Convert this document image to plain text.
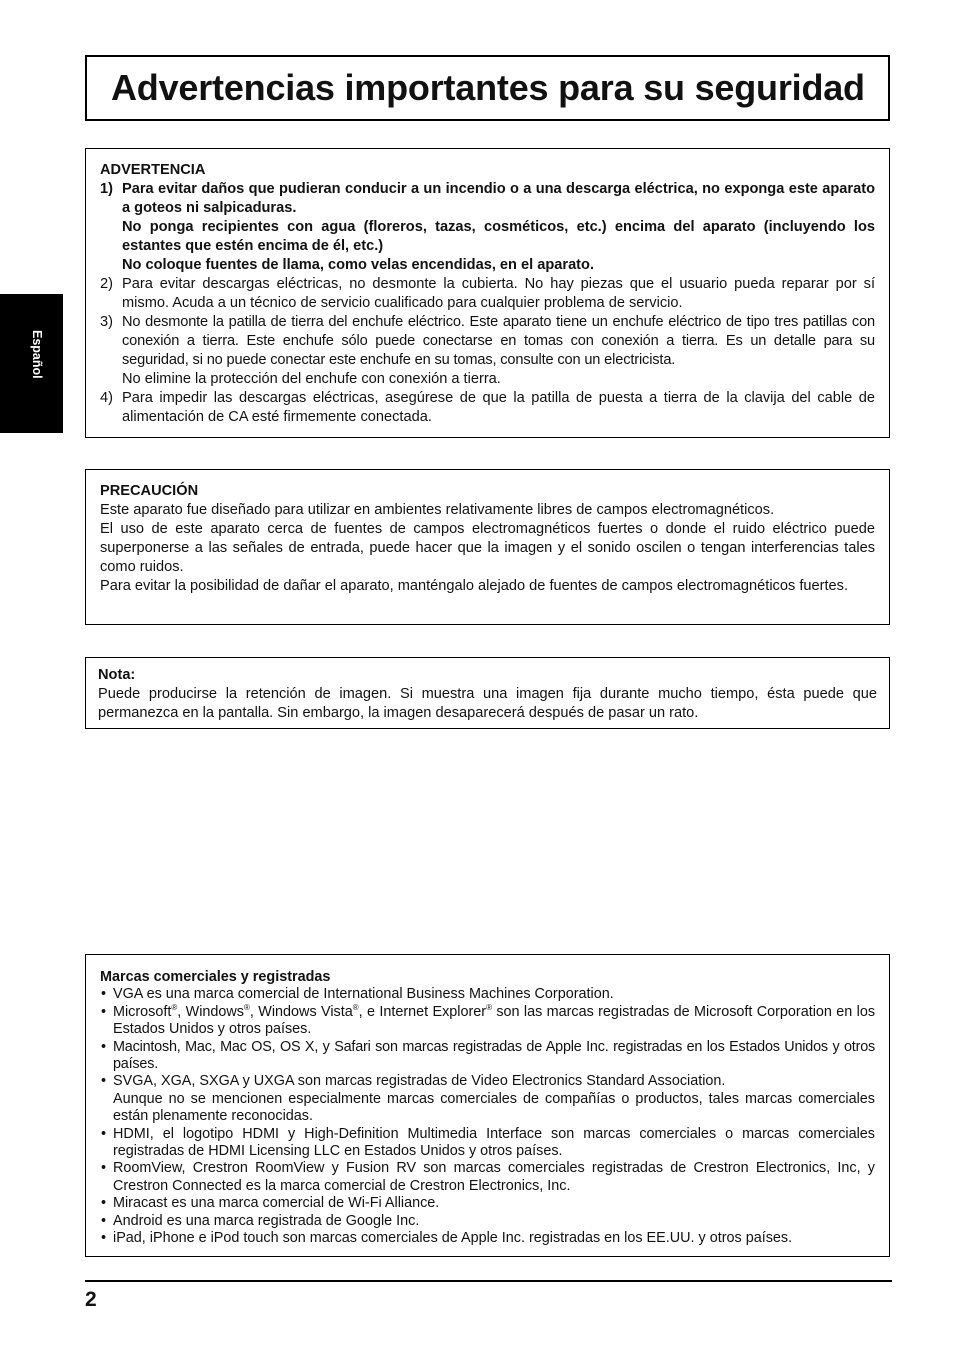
Advertencias importantes para su seguridad
Español

ADVERTENCIA

1) Para evitar daños que pudieran conducir a un incendio o a una descarga eléctrica, no exponga este aparato a goteos ni salpicaduras.

No ponga recipientes con agua (floreros, tazas, cosméticos, etc.) encima del aparato (incluyendo los estantes que estén encima de él, etc.)

No coloque fuentes de llama, como velas encendidas, en el aparato.

2) Para evitar descargas eléctricas, no desmonte la cubierta. No hay piezas que el usuario pueda reparar por sí mismo. Acuda a un técnico de servicio cualificado para cualquier problema de servicio.

3) No desmonte la patilla de tierra del enchufe eléctrico. Este aparato tiene un enchufe eléctrico de tipo tres patillas con conexión a tierra. Este enchufe sólo puede conectarse en tomas con conexión a tierra. Es un detalle para su seguridad, si no puede conectar este enchufe en su tomas, consulte con un electricista.

No elimine la protección del enchufe con conexión a tierra.

4) Para impedir las descargas eléctricas, asegúrese de que la patilla de puesta a tierra de la clavija del cable de alimentación de CA esté firmemente conectada.

PRECAUCIÓN

Este aparato fue diseñado para utilizar en ambientes relativamente libres de campos electromagnéticos.

El uso de este aparato cerca de fuentes de campos electromagnéticos fuertes o donde el ruido eléctrico puede superponerse a las señales de entrada, puede hacer que la imagen y el sonido oscilen o tengan interferencias tales como ruidos.

Para evitar la posibilidad de dañar el aparato, manténgalo alejado de fuentes de campos electromagnéticos fuertes.

Nota:

Puede producirse la retención de imagen. Si muestra una imagen fija durante mucho tiempo, ésta puede que permanezca en la pantalla. Sin embargo, la imagen desaparecerá después de pasar un rato.

Marcas comerciales y registradas

• VGA es una marca comercial de International Business Machines Corporation.
• Microsoft®, Windows®, Windows Vista®, e Internet Explorer® son las marcas registradas de Microsoft Corporation en los Estados Unidos y otros países.
• Macintosh, Mac, Mac OS, OS X, y Safari son marcas registradas de Apple Inc. registradas en los Estados Unidos y otros países.
• SVGA, XGA, SXGA y UXGA son marcas registradas de Video Electronics Standard Association.

Aunque no se mencionen especialmente marcas comerciales de compañías o productos, tales marcas comerciales están plenamente reconocidas.

• HDMI, el logotipo HDMI y High-Definition Multimedia Interface son marcas comerciales o marcas comerciales registradas de HDMI Licensing LLC en Estados Unidos y otros países.
• RoomView, Crestron RoomView y Fusion RV son marcas comerciales registradas de Crestron Electronics, Inc, y Crestron Connected es la marca comercial de Crestron Electronics, Inc.
• Miracast es una marca comercial de Wi-Fi Alliance.
• Android es una marca registrada de Google Inc.
• iPad, iPhone e iPod touch son marcas comerciales de Apple Inc. registradas en los EE.UU. y otros países.
2
